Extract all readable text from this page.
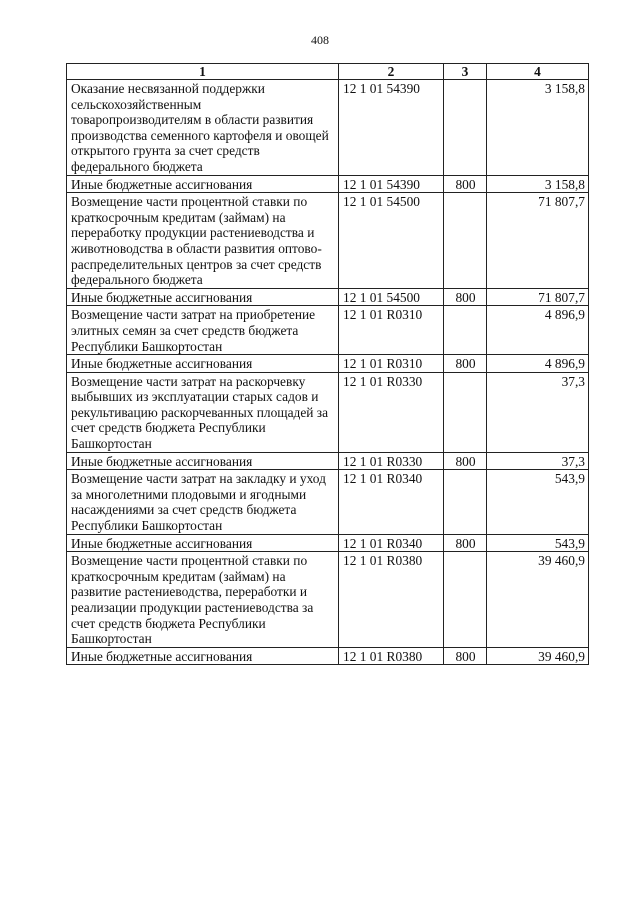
408
1	2	3	4
Оказание несвязанной поддержки сельскохозяйственным товаропроизводителям в области развития производства семенного картофеля и овощей открытого грунта за счет средств федерального бюджета	12 1 01 54390		3 158,8
Иные бюджетные ассигнования	12 1 01 54390	800	3 158,8
Возмещение части процентной ставки по краткосрочным кредитам (займам) на переработку продукции растениеводства и животноводства в области развития оптово-распределительных центров за счет средств федерального бюджета	12 1 01 54500		71 807,7
Иные бюджетные ассигнования	12 1 01 54500	800	71 807,7
Возмещение части затрат на приобретение элитных семян за счет средств бюджета Республики Башкортостан	12 1 01 R0310		4 896,9
Иные бюджетные ассигнования	12 1 01 R0310	800	4 896,9
Возмещение части затрат на раскорчевку выбывших из эксплуатации старых садов и рекультивацию раскорчеванных площадей за счет средств бюджета Республики Башкортостан	12 1 01 R0330		37,3
Иные бюджетные ассигнования	12 1 01 R0330	800	37,3
Возмещение части затрат на закладку и уход за многолетними плодовыми и ягодными насаждениями за счет средств бюджета Республики Башкортостан	12 1 01 R0340		543,9
Иные бюджетные ассигнования	12 1 01 R0340	800	543,9
Возмещение части процентной ставки по краткосрочным кредитам (займам) на развитие растениеводства, переработки и реализации продукции растениеводства за счет средств бюджета Республики Башкортостан	12 1 01 R0380		39 460,9
Иные бюджетные ассигнования	12 1 01 R0380	800	39 460,9
